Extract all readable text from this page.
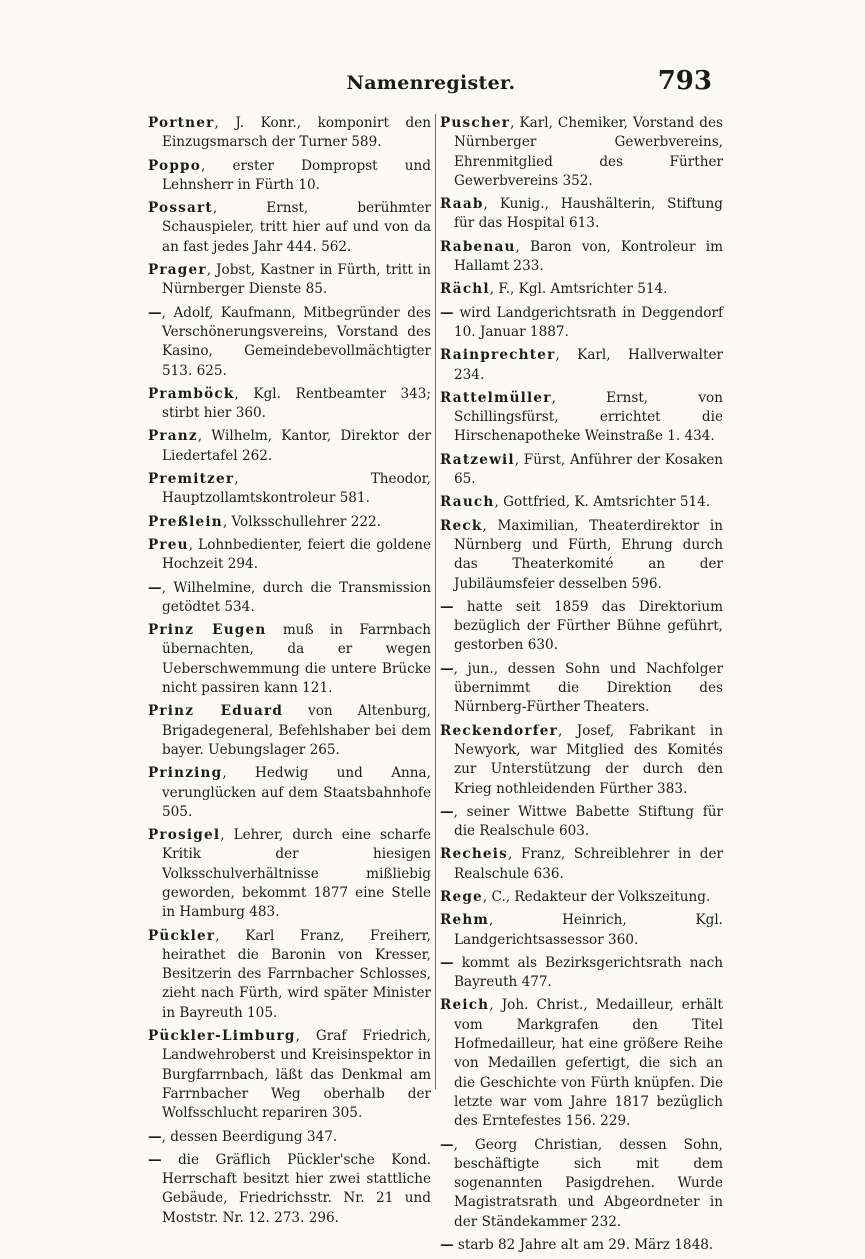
Namenregister.	793

Portner, J. Konr., komponirt den Einzugsmarsch der Turner 589.

Poppo, erster Dompropst und Lehnsherr in Fürth 10.

Possart, Ernst, berühmter Schauspieler, tritt hier auf und von da an fast jedes Jahr 444. 562.

Prager, Jobst, Kastner in Fürth, tritt in Nürnberger Dienste 85.

—, Adolf, Kaufmann, Mitbegründer des Verschönerungsvereins, Vorstand des Kasino, Gemeindebevollmächtigter 513. 625.

Pramböck, Kgl. Rentbeamter 343; stirbt hier 360.

Pranz, Wilhelm, Kantor, Direktor der Liedertafel 262.

Premitzer, Theodor, Hauptzollamtskontroleur 581.

Preßlein, Volksschullehrer 222.

Preu, Lohnbedienter, feiert die goldene Hochzeit 294.

—, Wilhelmine, durch die Transmission getödtet 534.

Prinz Eugen muß in Farrnbach übernachten, da er wegen Ueberschwemmung die untere Brücke nicht passiren kann 121.

Prinz Eduard von Altenburg, Brigadegeneral, Befehlshaber bei dem bayer. Uebungslager 265.

Prinzing, Hedwig und Anna, verunglücken auf dem Staatsbahnhofe 505.

Prosigel, Lehrer, durch eine scharfe Kritik der hiesigen Volksschulverhältnisse mißliebig geworden, bekommt 1877 eine Stelle in Hamburg 483.

Pückler, Karl Franz, Freiherr, heirathet die Baronin von Kresser, Besitzerin des Farrnbacher Schlosses, zieht nach Fürth, wird später Minister in Bayreuth 105.

Pückler-Limburg, Graf Friedrich, Landwehroberst und Kreisinspektor in Burgfarrnbach, läßt das Denkmal am Farrnbacher Weg oberhalb der Wolfsschlucht repariren 305.

—, dessen Beerdigung 347.

— die Gräflich Pückler'sche Kond. Herrschaft besitzt hier zwei stattliche Gebäude, Friedrichsstr. Nr. 21 und Moststr. Nr. 12. 273. 296.

Puscher, Karl, Chemiker, Vorstand des Nürnberger Gewerbvereins, Ehrenmitglied des Fürther Gewerbvereins 352.

Raab, Kunig., Haushälterin, Stiftung für das Hospital 613.

Rabenau, Baron von, Kontroleur im Hallamt 233.

Rächl, F., Kgl. Amtsrichter 514.

— wird Landgerichtsrath in Deggendorf 10. Januar 1887.

Rainprechter, Karl, Hallverwalter 234.

Rattelmüller, Ernst, von Schillingsfürst, errichtet die Hirschenapotheke Weinstraße 1. 434.

Ratzewil, Fürst, Anführer der Kosaken 65.

Rauch, Gottfried, K. Amtsrichter 514.

Reck, Maximilian, Theaterdirektor in Nürnberg und Fürth, Ehrung durch das Theaterkomité an der Jubiläumsfeier desselben 596.

— hatte seit 1859 das Direktorium bezüglich der Fürther Bühne geführt, gestorben 630.

—, jun., dessen Sohn und Nachfolger übernimmt die Direktion des Nürnberg-Fürther Theaters.

Reckendorfer, Josef, Fabrikant in Newyork, war Mitglied des Komités zur Unterstützung der durch den Krieg nothleidenden Fürther 383.

—, seiner Wittwe Babette Stiftung für die Realschule 603.

Recheis, Franz, Schreiblehrer in der Realschule 636.

Rege, C., Redakteur der Volkszeitung.

Rehm, Heinrich, Kgl. Landgerichtsassessor 360.

— kommt als Bezirksgerichtsrath nach Bayreuth 477.

Reich, Joh. Christ., Medailleur, erhält vom Markgrafen den Titel Hofmedailleur, hat eine größere Reihe von Medaillen gefertigt, die sich an die Geschichte von Fürth knüpfen. Die letzte war vom Jahre 1817 bezüglich des Erntefestes 156. 229.

—, Georg Christian, dessen Sohn, beschäftigte sich mit dem sogenannten Pasigdrehen. Wurde Magistratsrath und Abgeordneter in der Ständekammer 232.

— starb 82 Jahre alt am 29. März 1848.
